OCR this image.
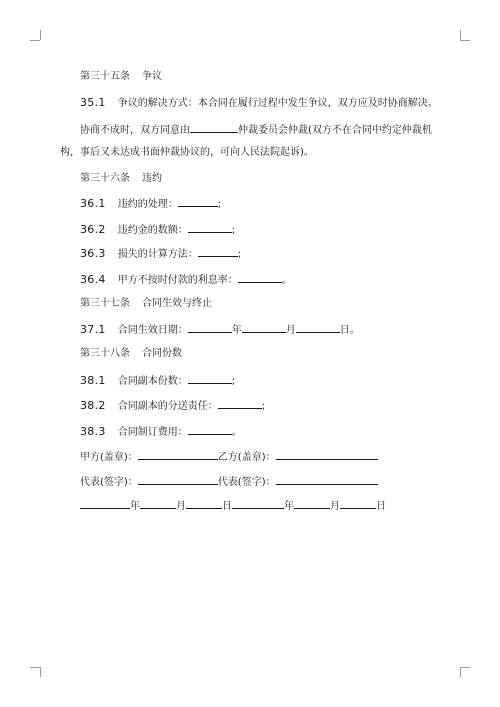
第三十五条 争议
35.1 争议的解决方式：本合同在履行过程中发生争议，双方应及时协商解决。
协商不成时，双方同意由	仲裁委员会仲裁(双方不在合同中约定仲裁机
构，事后又未达成书面仲裁协议的，可向人民法院起诉)。
第三十六条 违约
36.1 违约的处理：	;
36.2 违约金的数额：	;
36.3 损失的计算方法：	;
36.4 甲方不按时付款的利息率：	。
第三十七条 合同生效与终止
37.1 合同生效日期：	年	月	日。
第三十八条 合同份数
38.1 合同副本份数：	;
38.2 合同副本的分送责任：	;
38.3 合同制订费用：	。
甲方(盖章)：	乙方(盖章)：
代表(签字)：	代表(签字)：
年	月	日	年	月	日
